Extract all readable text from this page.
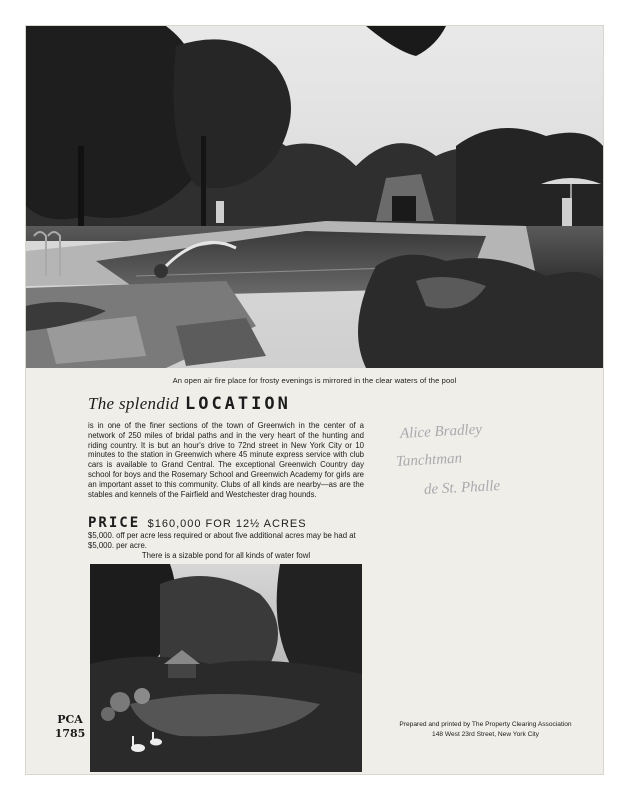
An open air fire place for frosty evenings is mirrored in the clear waters of the pool
The splendid LOCATION
is in one of the finer sections of the town of Greenwich in the center of a network of 250 miles of bridal paths and in the very heart of the hunting and riding country. It is but an hour's drive to 72nd street in New York City or 10 minutes to the station in Greenwich where 45 minute express service with club cars is available to Grand Central. The exceptional Greenwich Country day school for boys and the Rosemary School and Greenwich Academy for girls are an important asset to this community. Clubs of all kinds are nearby—as are the stables and kennels of the Fairfield and Westchester drag hounds.
PRICE $160,000 FOR 12½ ACRES
$5,000. off per acre less required or about five additional acres may be had at $5,000. per acre.
There is a sizable pond for all kinds of water fowl
Alice Bradley
Tanchtman
de St. Phalle
PCA
1785
Prepared and printed by The Property Clearing Association
148 West 23rd Street, New York City
